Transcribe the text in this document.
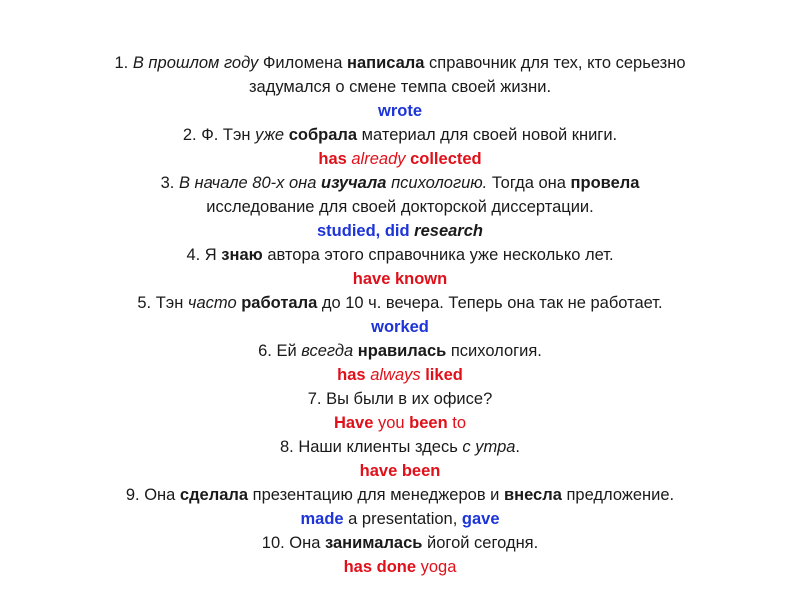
1. В прошлом году Филомена написала справочник для тех, кто серьезно
задумался о смене темпа своей жизни.
wrote
2. Ф. Тэн уже собрала материал для своей новой книги.
has already collected
3. В начале 80-х она изучала психологию. Тогда она провела
исследование для своей докторской диссертации.
studied, did research
4. Я знаю автора этого справочника уже несколько лет.
have known
5. Тэн часто работала до 10 ч. вечера. Теперь она так не работает.
worked
6. Ей всегда нравилась психология.
has always liked
7. Вы были в их офисе?
Have you been to
8. Наши клиенты здесь с утра.
have been
9. Она сделала презентацию для менеджеров и внесла предложение.
made a presentation, gave
10. Она занималась йогой сегодня.
has done yoga
